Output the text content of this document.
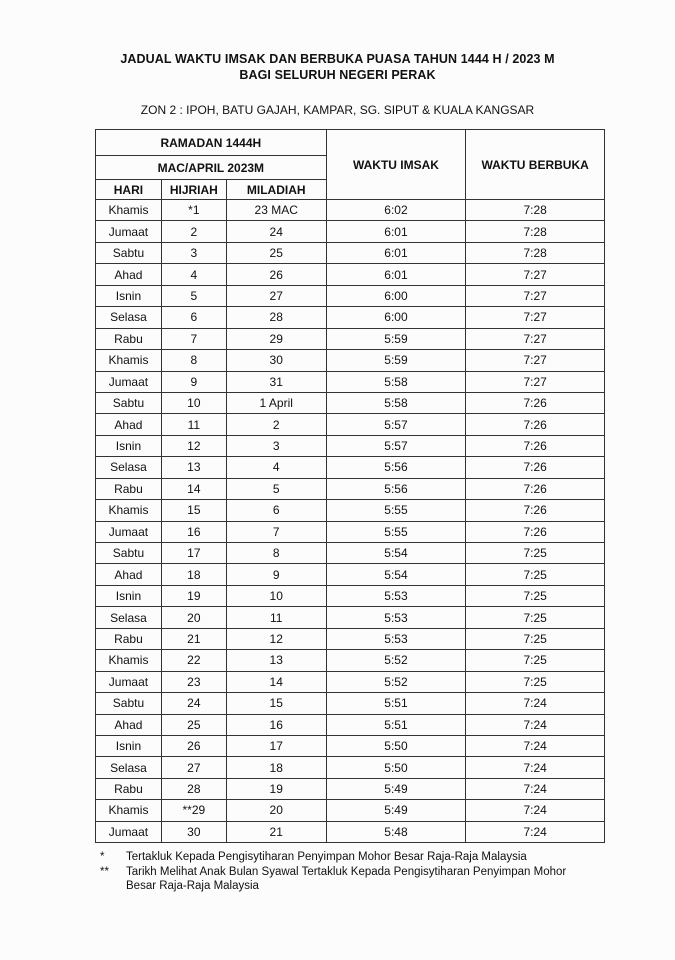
JADUAL WAKTU IMSAK DAN BERBUKA PUASA TAHUN 1444 H / 2023 M
BAGI SELURUH NEGERI PERAK
ZON 2 : IPOH, BATU GAJAH, KAMPAR, SG. SIPUT & KUALA KANGSAR
RAMADAN 1444H			WAKTU IMSAK	WAKTU BERBUKA
MAC/APRIL 2023M				
HARI	HIJRIAH	MILADIAH		
Khamis	*1	23 MAC	6:02	7:28
Jumaat	2	24	6:01	7:28
Sabtu	3	25	6:01	7:28
Ahad	4	26	6:01	7:27
Isnin	5	27	6:00	7:27
Selasa	6	28	6:00	7:27
Rabu	7	29	5:59	7:27
Khamis	8	30	5:59	7:27
Jumaat	9	31	5:58	7:27
Sabtu	10	1 April	5:58	7:26
Ahad	11	2	5:57	7:26
Isnin	12	3	5:57	7:26
Selasa	13	4	5:56	7:26
Rabu	14	5	5:56	7:26
Khamis	15	6	5:55	7:26
Jumaat	16	7	5:55	7:26
Sabtu	17	8	5:54	7:25
Ahad	18	9	5:54	7:25
Isnin	19	10	5:53	7:25
Selasa	20	11	5:53	7:25
Rabu	21	12	5:53	7:25
Khamis	22	13	5:52	7:25
Jumaat	23	14	5:52	7:25
Sabtu	24	15	5:51	7:24
Ahad	25	16	5:51	7:24
Isnin	26	17	5:50	7:24
Selasa	27	18	5:50	7:24
Rabu	28	19	5:49	7:24
Khamis	**29	20	5:49	7:24
Jumaat	30	21	5:48	7:24
*	Tertakluk Kepada Pengisytiharan Penyimpan Mohor Besar Raja-Raja Malaysia
**	Tarikh Melihat Anak Bulan Syawal Tertakluk Kepada Pengisytiharan Penyimpan Mohor Besar Raja-Raja Malaysia
